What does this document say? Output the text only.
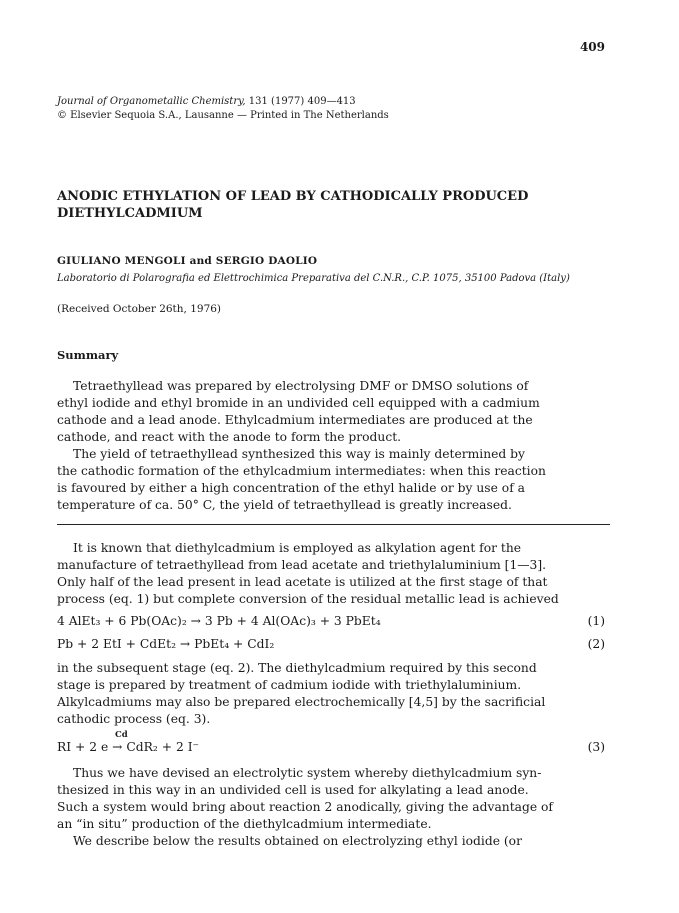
409
Journal of Organometallic Chemistry, 131 (1977) 409—413
© Elsevier Sequoia S.A., Lausanne — Printed in The Netherlands
ANODIC ETHYLATION OF LEAD BY CATHODICALLY PRODUCED DIETHYLCADMIUM
GIULIANO MENGOLI and SERGIO DAOLIO
Laboratorio di Polarografia ed Elettrochimica Preparativa del C.N.R., C.P. 1075, 35100 Padova (Italy)
(Received October 26th, 1976)
Summary

Tetraethyllead was prepared by electrolysing DMF or DMSO solutions of
ethyl iodide and ethyl bromide in an undivided cell equipped with a cadmium
cathode and a lead anode. Ethylcadmium intermediates are produced at the
cathode, and react with the anode to form the product.

The yield of tetraethyllead synthesized this way is mainly determined by
the cathodic formation of the ethylcadmium intermediates: when this reaction
is favoured by either a high concentration of the ethyl halide or by use of a
temperature of ca. 50° C, the yield of tetraethyllead is greatly increased.

It is known that diethylcadmium is employed as alkylation agent for the
manufacture of tetraethyllead from lead acetate and triethylaluminium [1—3].
Only half of the lead present in lead acetate is utilized at the first stage of that
process (eq. 1) but complete conversion of the residual metallic lead is achieved

4 AlEt₃ + 6 Pb(OAc)₂ → 3 Pb + 4 Al(OAc)₃ + 3 PbEt₄	(1)
Pb + 2 EtI + CdEt₂ → PbEt₄ + CdI₂	(2)

in the subsequent stage (eq. 2). The diethylcadmium required by this second
stage is prepared by treatment of cadmium iodide with triethylaluminium.
Alkylcadmiums may also be prepared electrochemically [4,5] by the sacrificial
cathodic process (eq. 3).

Cd
RI + 2 e → CdR₂ + 2 I⁻	(3)

Thus we have devised an electrolytic system whereby diethylcadmium syn-
thesized in this way in an undivided cell is used for alkylating a lead anode.
Such a system would bring about reaction 2 anodically, giving the advantage of
an “in situ” production of the diethylcadmium intermediate.
We describe below the results obtained on electrolyzing ethyl iodide (or
